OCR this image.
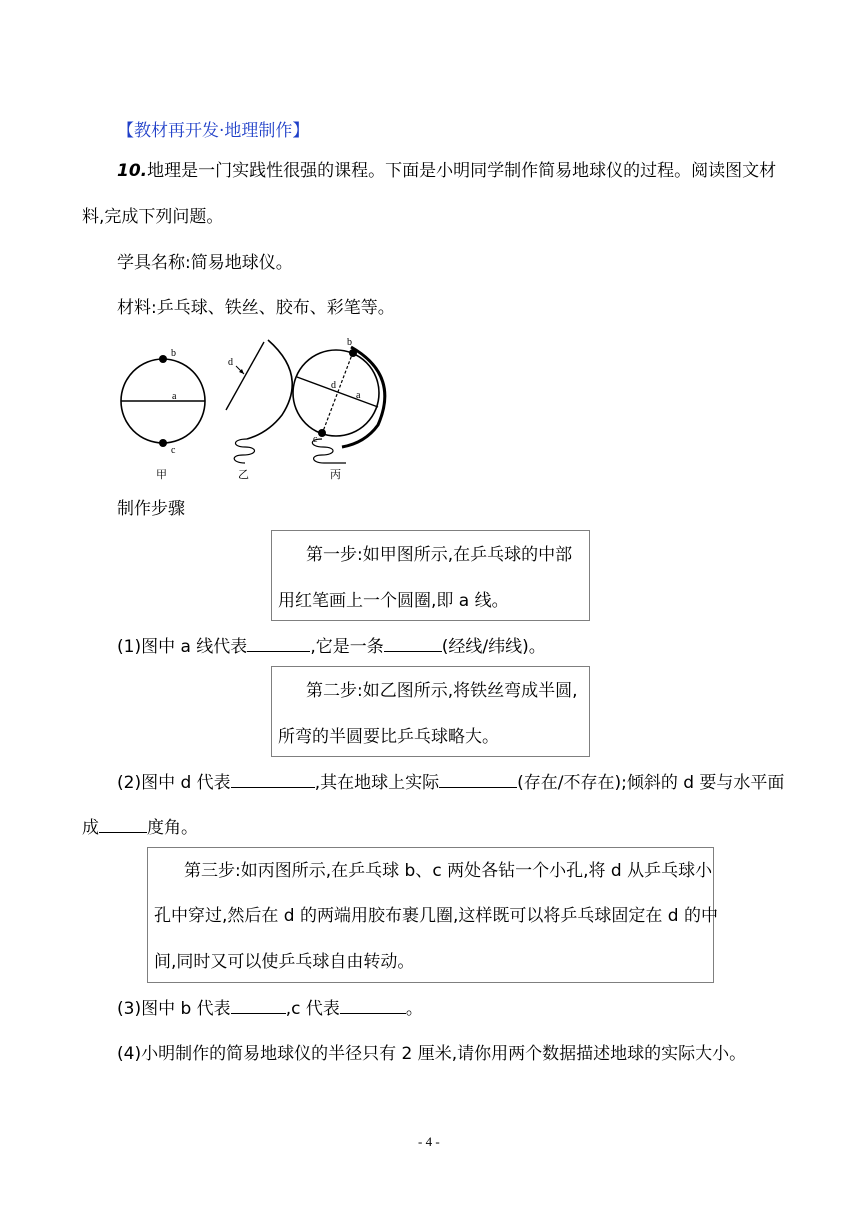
【教材再开发·地理制作】
10.地理是一门实践性很强的课程。下面是小明同学制作简易地球仪的过程。阅读图文材
料,完成下列问题。
学具名称:简易地球仪。
材料:乒乓球、铁丝、胶布、彩笔等。
b
a
c
甲
d
乙
b
d
a
c
丙
制作步骤
第一步:如甲图所示,在乒乓球的中部
用红笔画上一个圆圈,即 a 线。
(1)图中 a 线代表	,它是一条	(经线/纬线)。
第二步:如乙图所示,将铁丝弯成半圆,
所弯的半圆要比乒乓球略大。
(2)图中 d 代表	,其在地球上实际	(存在/不存在);倾斜的 d 要与水平面
成	度角。
第三步:如丙图所示,在乒乓球 b、c 两处各钻一个小孔,将 d 从乒乓球小
孔中穿过,然后在 d 的两端用胶布裹几圈,这样既可以将乒乓球固定在 d 的中
间,同时又可以使乒乓球自由转动。
(3)图中 b 代表	,c 代表	。
(4)小明制作的简易地球仪的半径只有 2 厘米,请你用两个数据描述地球的实际大小。
- 4 -
